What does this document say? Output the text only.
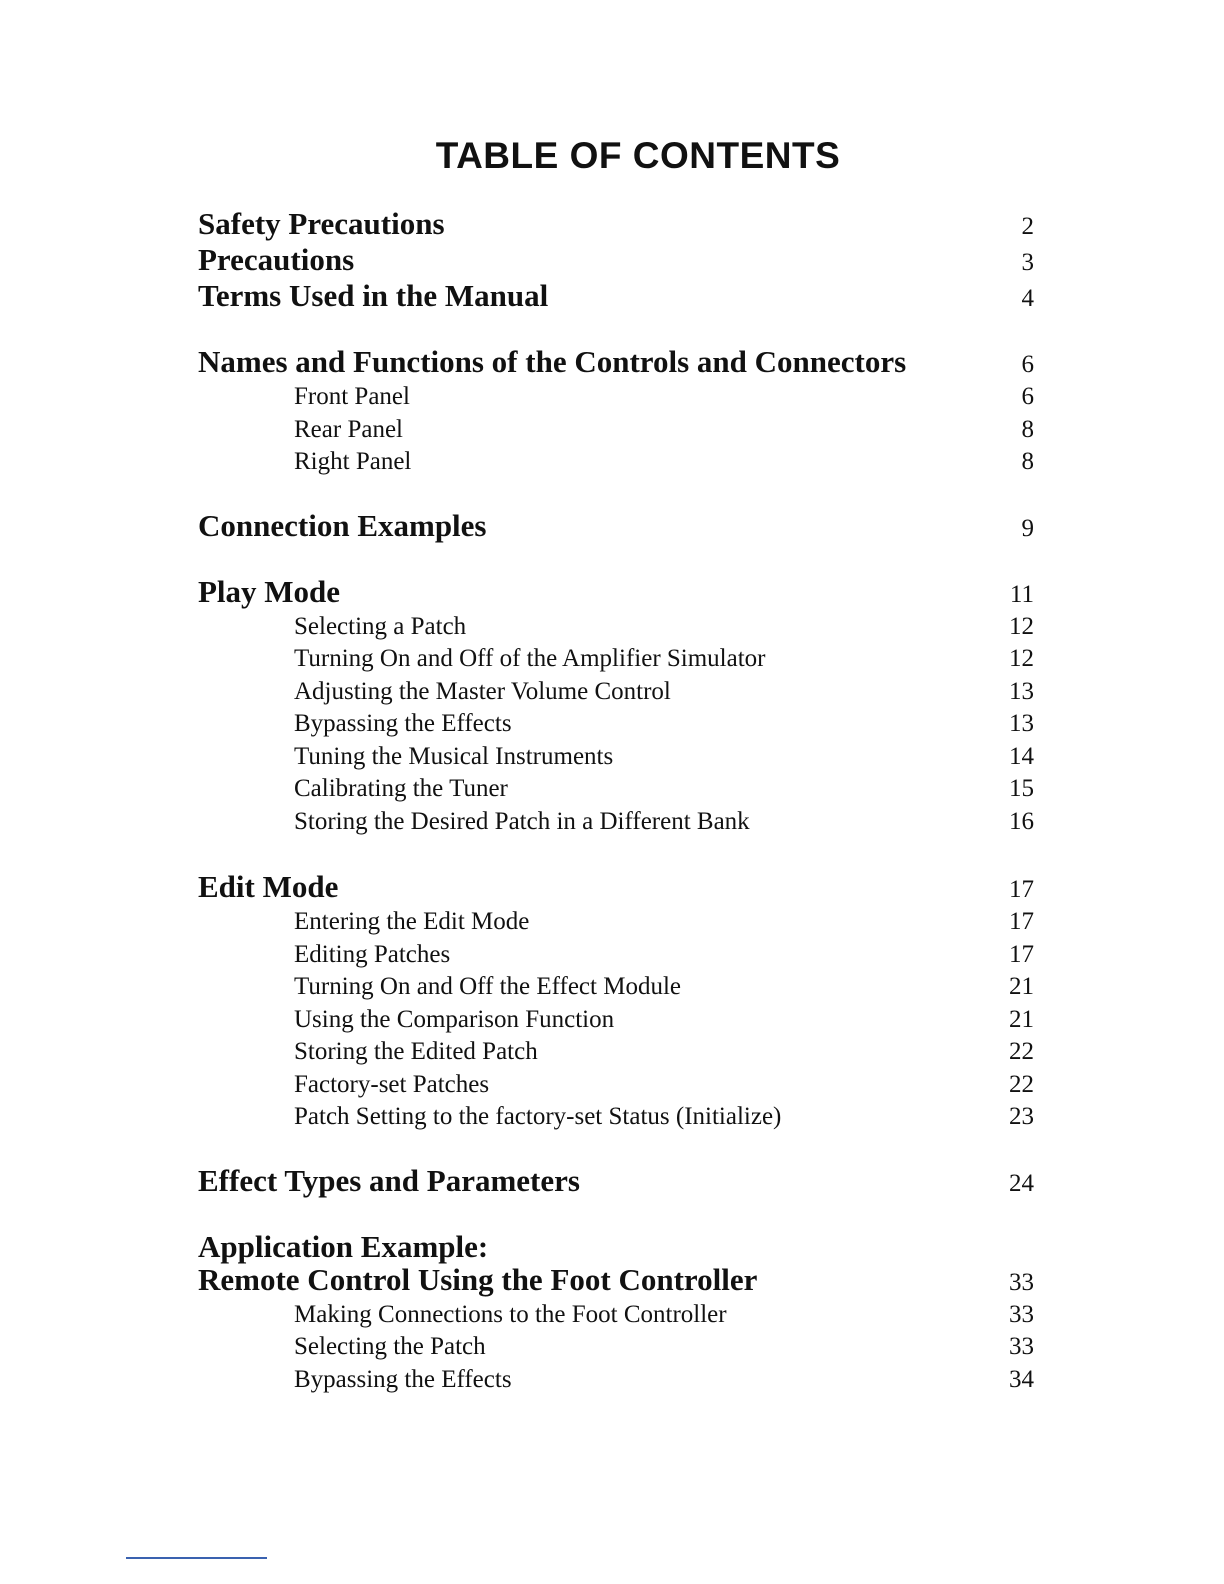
TABLE OF CONTENTS
Safety Precautions	2
Precautions	3
Terms Used in the Manual	4
Names and Functions of the Controls and Connectors	6
Front Panel	6
Rear Panel	8
Right Panel	8
Connection Examples	9
Play Mode	11
Selecting a Patch	12
Turning On and Off of the Amplifier Simulator	12
Adjusting the Master Volume Control	13
Bypassing the Effects	13
Tuning the Musical Instruments	14
Calibrating the Tuner	15
Storing the Desired Patch in a Different Bank	16
Edit Mode	17
Entering the Edit Mode	17
Editing Patches	17
Turning On and Off the Effect Module	21
Using the Comparison Function	21
Storing the Edited Patch	22
Factory-set Patches	22
Patch Setting to the factory-set Status (Initialize)	23
Effect Types and Parameters	24
Application Example:
Remote Control Using the Foot Controller	33
Making Connections to the Foot Controller	33
Selecting the Patch	33
Bypassing the Effects	34
